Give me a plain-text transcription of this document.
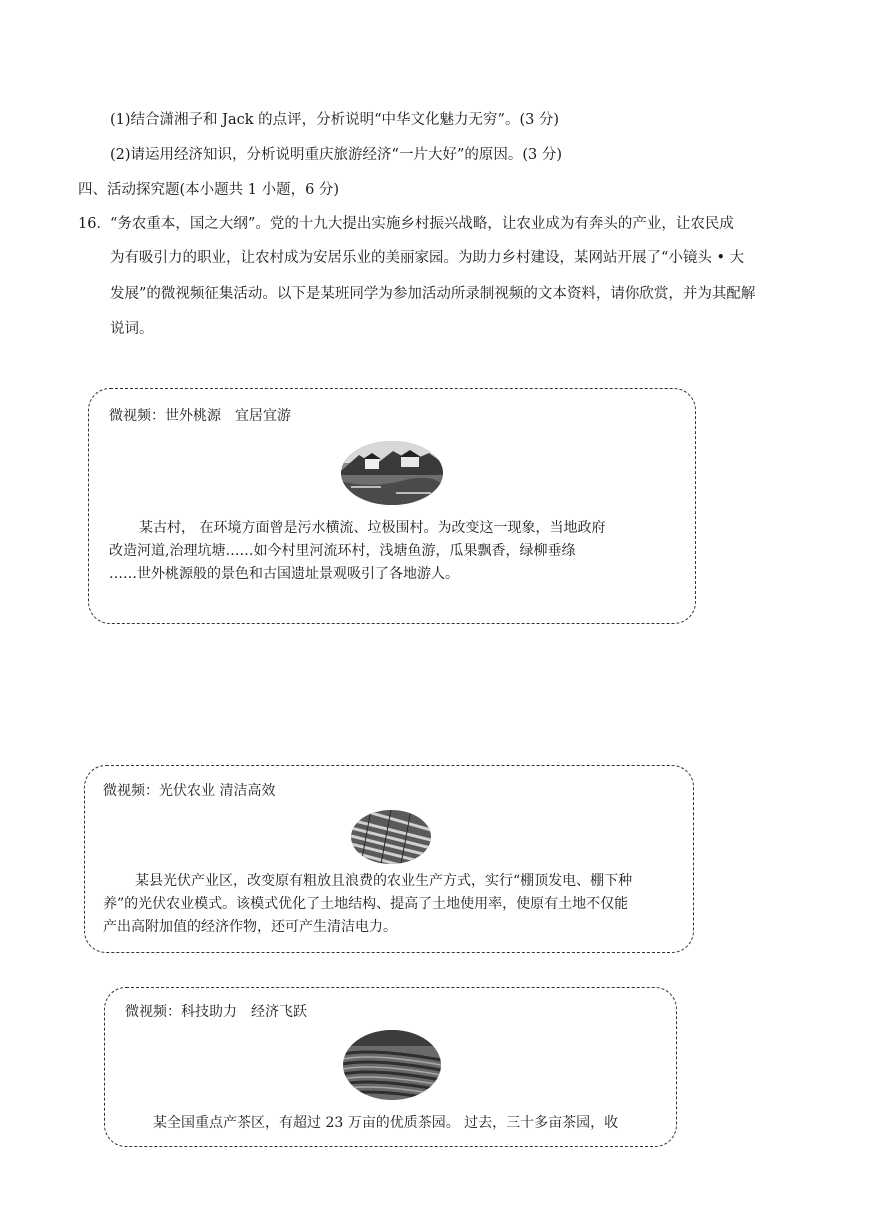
(1)结合潇湘子和 Jack 的点评，分析说明“中华文化魅力无穷”。(3 分)
(2)请运用经济知识，分析说明重庆旅游经济“一片大好”的原因。(3 分)
四、活动探究题(本小题共 1 小题，6 分)
16． “务农重本，国之大纲”。党的十九大提出实施乡村振兴战略，让农业成为有奔头的产业，让农民成
为有吸引力的职业，让农村成为安居乐业的美丽家园。为助力乡村建设，某网站开展了“小镜头 • 大
发展”的微视频征集活动。以下是某班同学为参加活动所录制视频的文本资料，请你欣赏，并为其配解
说词。
微视频：世外桃源　宜居宜游
某古村， 在环境方面曾是污水横流、垃极围村。为改变这一现象，当地政府
改造河道,治理坑塘……如今村里河流环村，浅塘鱼游，瓜果飘香，绿柳垂绦
……世外桃源般的景色和古国遗址景观吸引了各地游人。
微视频：光伏农业 清洁高效
某县光伏产业区，改变原有粗放且浪费的农业生产方式，实行“棚顶发电、棚下种
养”的光伏农业模式。该模式优化了土地结构、提高了土地使用率，使原有土地不仅能
产出高附加值的经济作物，还可产生清洁电力。
微视频：科技助力　经济飞跃
某全国重点产茶区，有超过 23 万亩的优质茶园。 过去，三十多亩茶园，收
